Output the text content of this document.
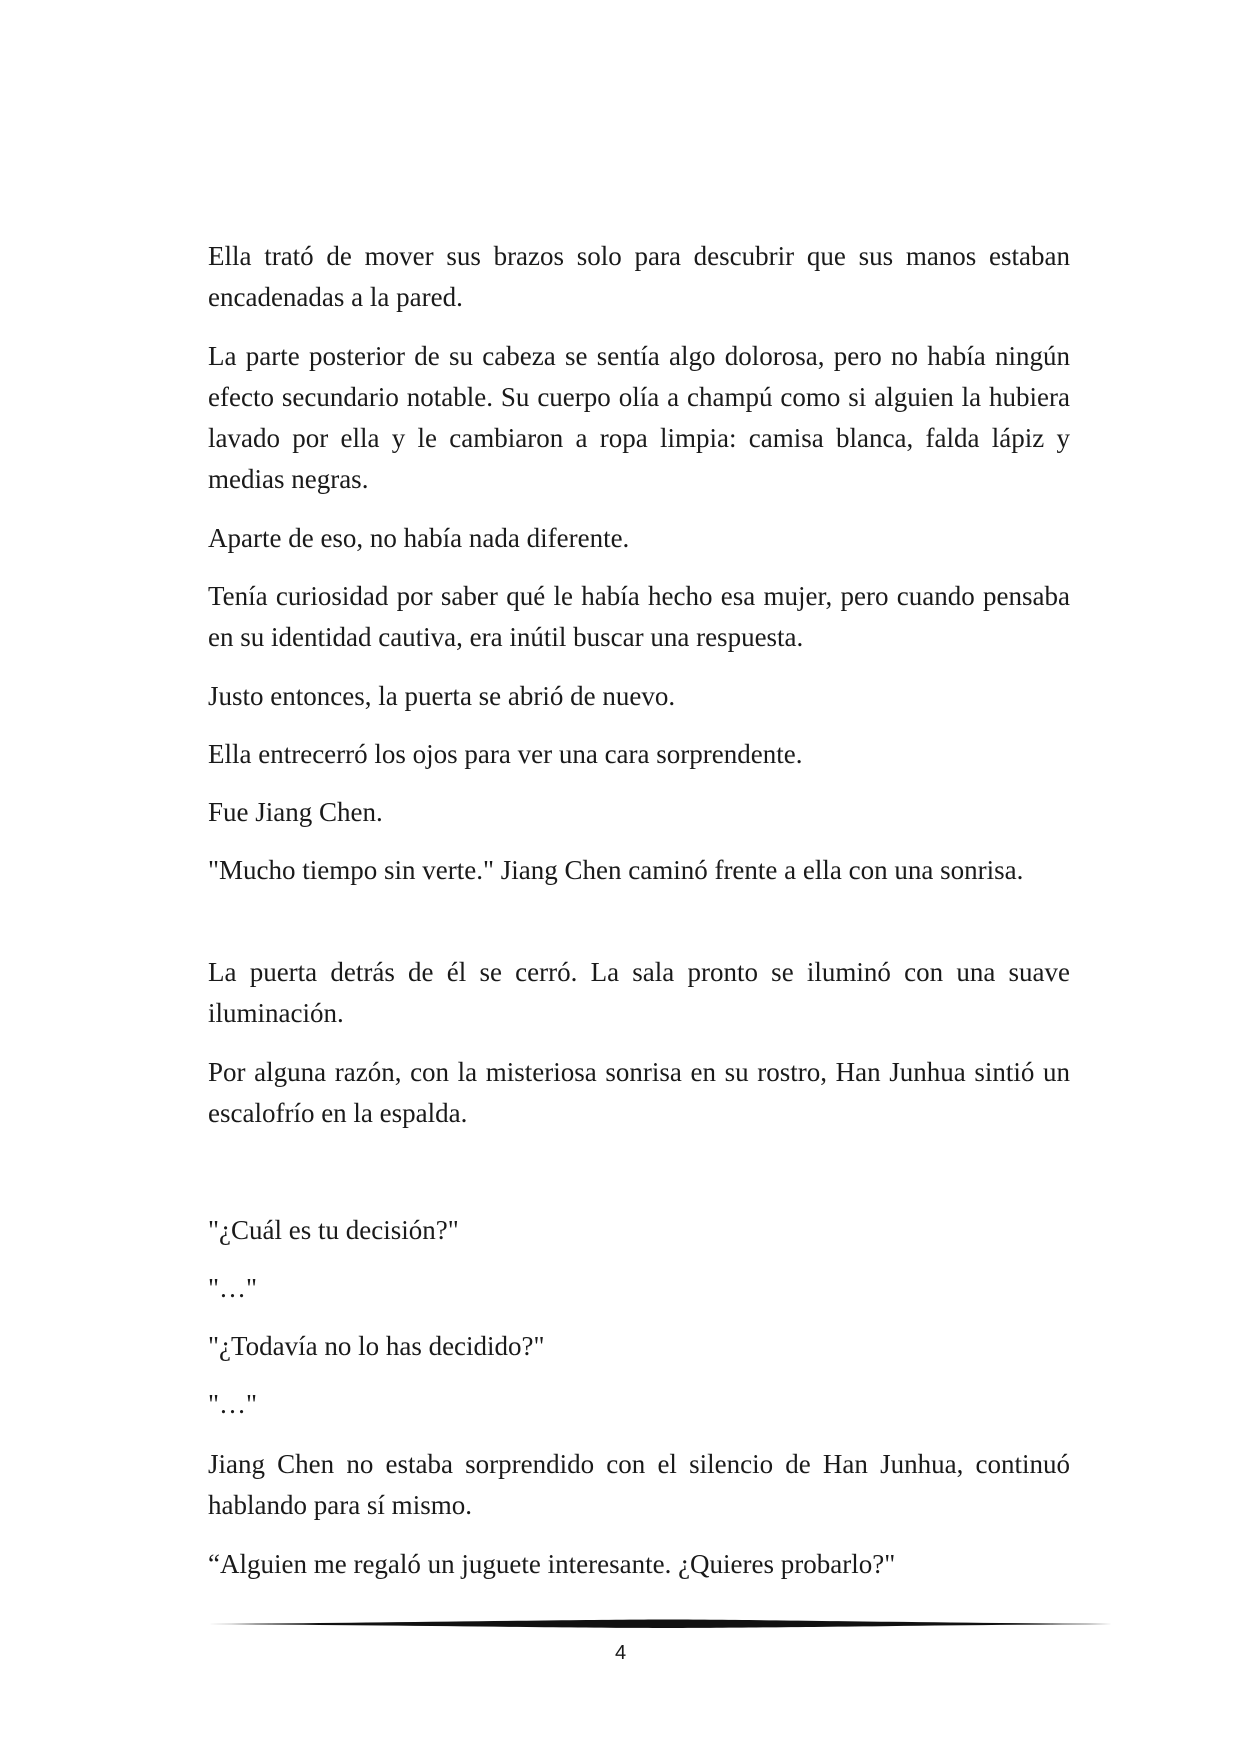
Ella trató de mover sus brazos solo para descubrir que sus manos estaban encadenadas a la pared.

La parte posterior de su cabeza se sentía algo dolorosa, pero no había ningún efecto secundario notable. Su cuerpo olía a champú como si alguien la hubiera lavado por ella y le cambiaron a ropa limpia: camisa blanca, falda lápiz y medias negras.

Aparte de eso, no había nada diferente.

Tenía curiosidad por saber qué le había hecho esa mujer, pero cuando pensaba en su identidad cautiva, era inútil buscar una respuesta.

Justo entonces, la puerta se abrió de nuevo.

Ella entrecerró los ojos para ver una cara sorprendente.

Fue Jiang Chen.

"Mucho tiempo sin verte." Jiang Chen caminó frente a ella con una sonrisa.

La puerta detrás de él se cerró. La sala pronto se iluminó con una suave iluminación.

Por alguna razón, con la misteriosa sonrisa en su rostro, Han Junhua sintió un escalofrío en la espalda.

"¿Cuál es tu decisión?"

"…"

"¿Todavía no lo has decidido?"

"…"

Jiang Chen no estaba sorprendido con el silencio de Han Junhua, continuó hablando para sí mismo.

“Alguien me regaló un juguete interesante. ¿Quieres probarlo?"

4
